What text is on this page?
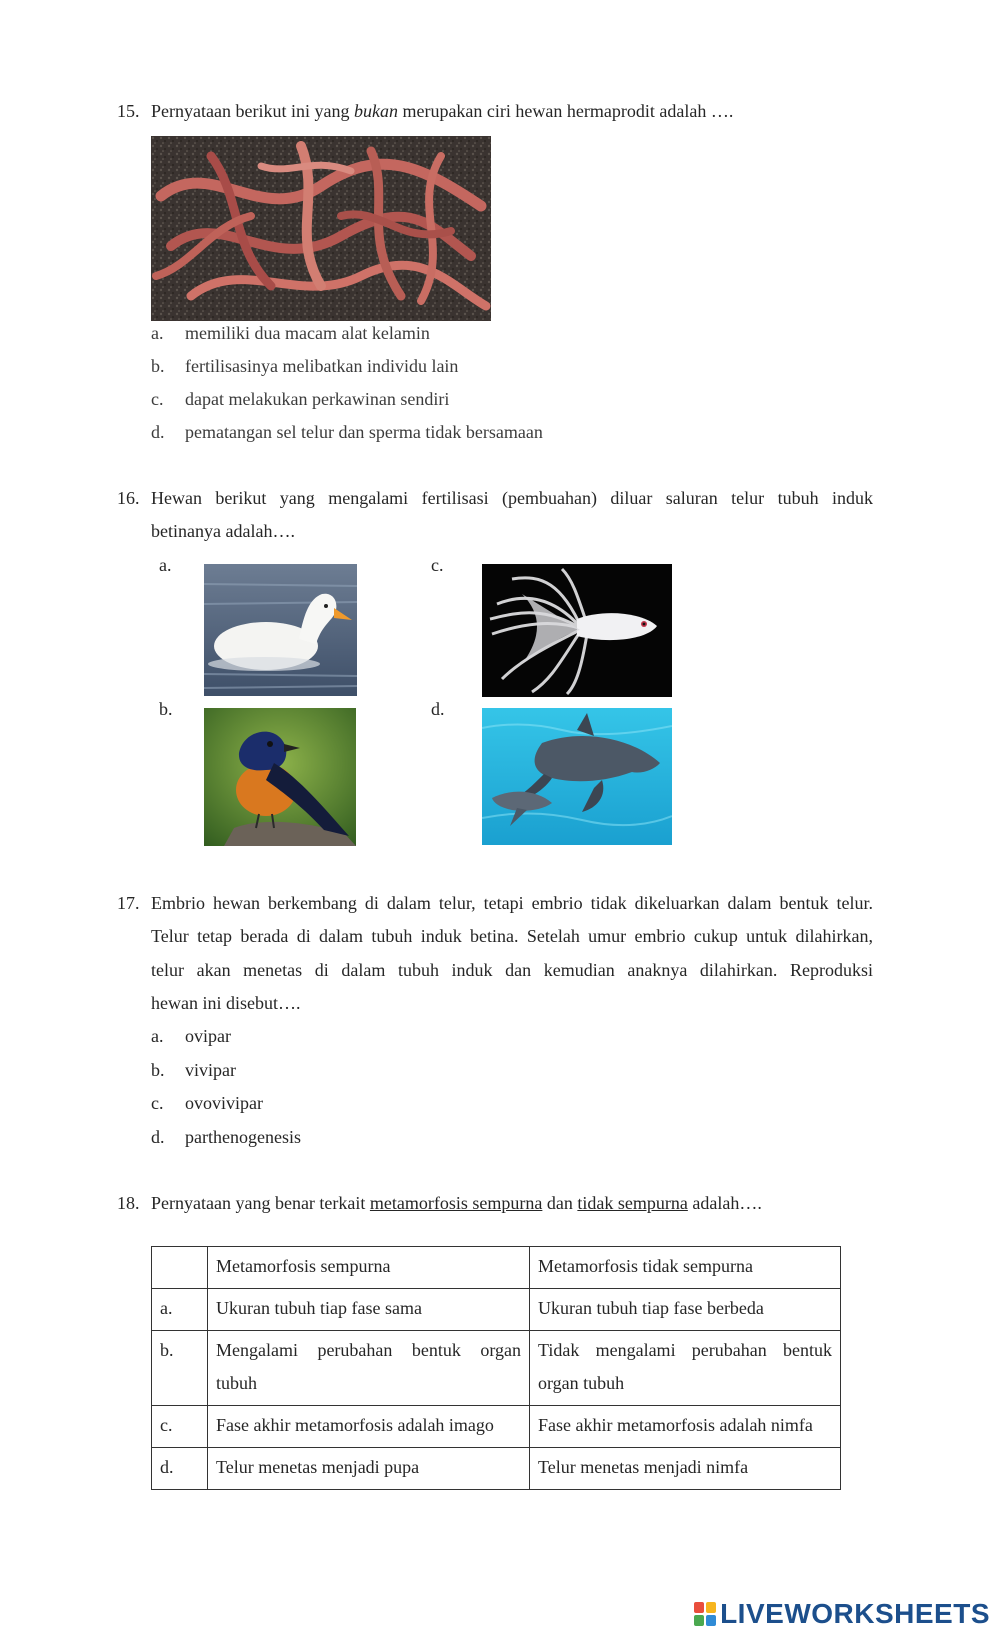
15. Pernyataan berikut ini yang bukan merupakan ciri hewan hermaprodit adalah ….
a. memiliki dua macam alat kelamin
b. fertilisasinya melibatkan individu lain
c. dapat melakukan perkawinan sendiri
d. pematangan sel telur dan sperma tidak bersamaan
16. Hewan berikut yang mengalami fertilisasi (pembuahan) diluar saluran telur tubuh induk
betinanya adalah….
a.	c.
b.	d.
17. Embrio hewan berkembang di dalam telur, tetapi embrio tidak dikeluarkan dalam bentuk telur.
Telur tetap berada di dalam tubuh induk betina. Setelah umur embrio cukup untuk dilahirkan,
telur akan menetas di dalam tubuh induk dan kemudian anaknya dilahirkan. Reproduksi
hewan ini disebut….
a. ovipar
b. vivipar
c. ovovivipar
d. parthenogenesis
18. Pernyataan yang benar terkait metamorfosis sempurna dan tidak sempurna adalah….
	Metamorfosis sempurna	Metamorfosis tidak sempurna
a.	Ukuran tubuh tiap fase sama	Ukuran tubuh tiap fase berbeda
b.	Mengalami perubahan bentuk organ tubuh	Tidak mengalami perubahan bentuk organ tubuh
c.	Fase akhir metamorfosis adalah imago	Fase akhir metamorfosis adalah nimfa
d.	Telur menetas menjadi pupa	Telur menetas menjadi nimfa
LIVEWORKSHEETS
